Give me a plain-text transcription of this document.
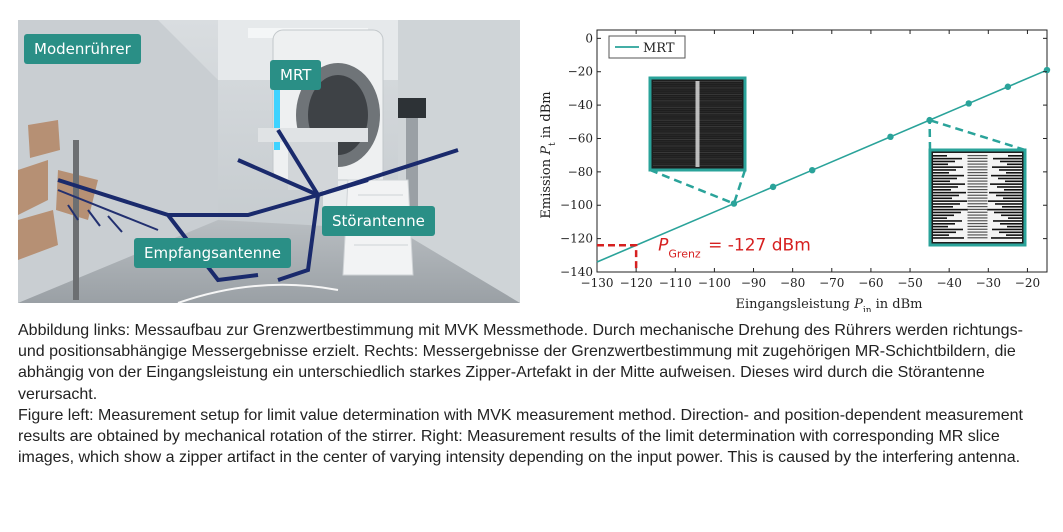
Modenrührer
MRT
Störantenne
Empfangsantenne	$P_{Grenz} = -127$ dBm
MRT
−130 −120 −110 −100 −90 −80 −70 −60 −50 −40 −30 −20
0
−20
−40
−60
−80
−100
−120
−140
Eingangsleistung $P_{in}$ in dBm
Emission $P_t$ in dBm

Abbildung links: Messaufbau zur Grenzwertbestimmung mit MVK Messmethode. Durch mechanische Drehung des Rührers werden richtungs- und positionsabhängige Messergebnisse erzielt. Rechts: Messergebnisse der Grenzwertbestimmung mit zugehörigen MR-Schichtbildern, die abhängig von der Eingangsleistung ein unterschiedlich starkes Zipper-Artefakt in der Mitte aufweisen. Dieses wird durch die Störantenne verursacht.

Figure left: Measurement setup for limit value determination with MVK measurement method. Direction- and position-dependent measurement results are obtained by mechanical rotation of the stirrer. Right: Measurement results of the limit determination with corresponding MR slice images, which show a zipper artifact in the center of varying intensity depending on the input power. This is caused by the interfering antenna.
